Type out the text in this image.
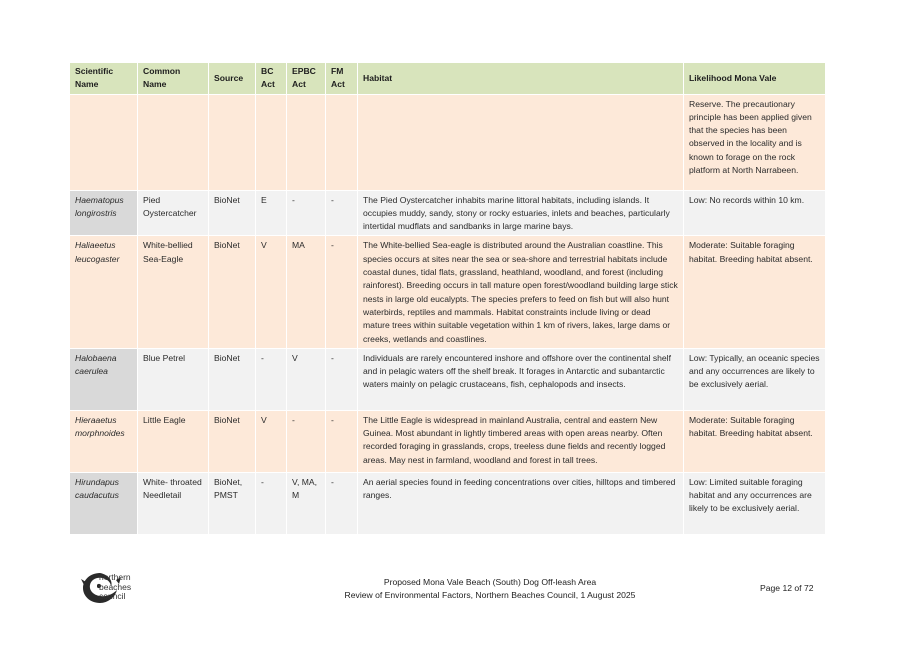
Scientific Name	Common Name	Source	BC Act	EPBC Act	FM Act	Habitat	Likelihood Mona Vale
							Reserve. The precautionary principle has been applied given that the species has been observed in the locality and is known to forage on the rock platform at North Narrabeen.
Haematopus longirostris	Pied Oystercatcher	BioNet	E	-	-	The Pied Oystercatcher inhabits marine littoral habitats, including islands. It occupies muddy, sandy, stony or rocky estuaries, inlets and beaches, particularly intertidal mudflats and sandbanks in large marine bays.	Low: No records within 10 km.
Haliaeetus leucogaster	White-bellied Sea-Eagle	BioNet	V	MA	-	The White-bellied Sea-eagle is distributed around the Australian coastline. This species occurs at sites near the sea or sea-shore and terrestrial habitats include coastal dunes, tidal flats, grassland, heathland, woodland, and forest (including rainforest). Breeding occurs in tall mature open forest/woodland building large stick nests in large old eucalypts. The species prefers to feed on fish but will also hunt waterbirds, reptiles and mammals. Habitat constraints include living or dead mature trees within suitable vegetation within 1 km of rivers, lakes, large dams or creeks, wetlands and coastlines.	Moderate: Suitable foraging habitat. Breeding habitat absent.
Halobaena caerulea	Blue Petrel	BioNet	-	V	-	Individuals are rarely encountered inshore and offshore over the continental shelf and in pelagic waters off the shelf break. It forages in Antarctic and subantarctic waters mainly on pelagic crustaceans, fish, cephalopods and insects.	Low: Typically, an oceanic species and any occurrences are likely to be exclusively aerial.
Hieraaetus morphnoides	Little Eagle	BioNet	V	-	-	The Little Eagle is widespread in mainland Australia, central and eastern New Guinea. Most abundant in lightly timbered areas with open areas nearby. Often recorded foraging in grasslands, crops, treeless dune fields and recently logged areas. May nest in farmland, woodland and forest in tall trees.	Moderate: Suitable foraging habitat. Breeding habitat absent.
Hirundapus caudacutus	White- throated Needletail	BioNet, PMST	-	V, MA, M	-	An aerial species found in feeding concentrations over cities, hilltops and timbered ranges.	Low: Limited suitable foraging habitat and any occurrences are likely to be exclusively aerial.
northern
beaches
council
Proposed Mona Vale Beach (South) Dog Off-leash Area
Review of Environmental Factors, Northern Beaches Council, 1 August 2025
Page 12 of 72
